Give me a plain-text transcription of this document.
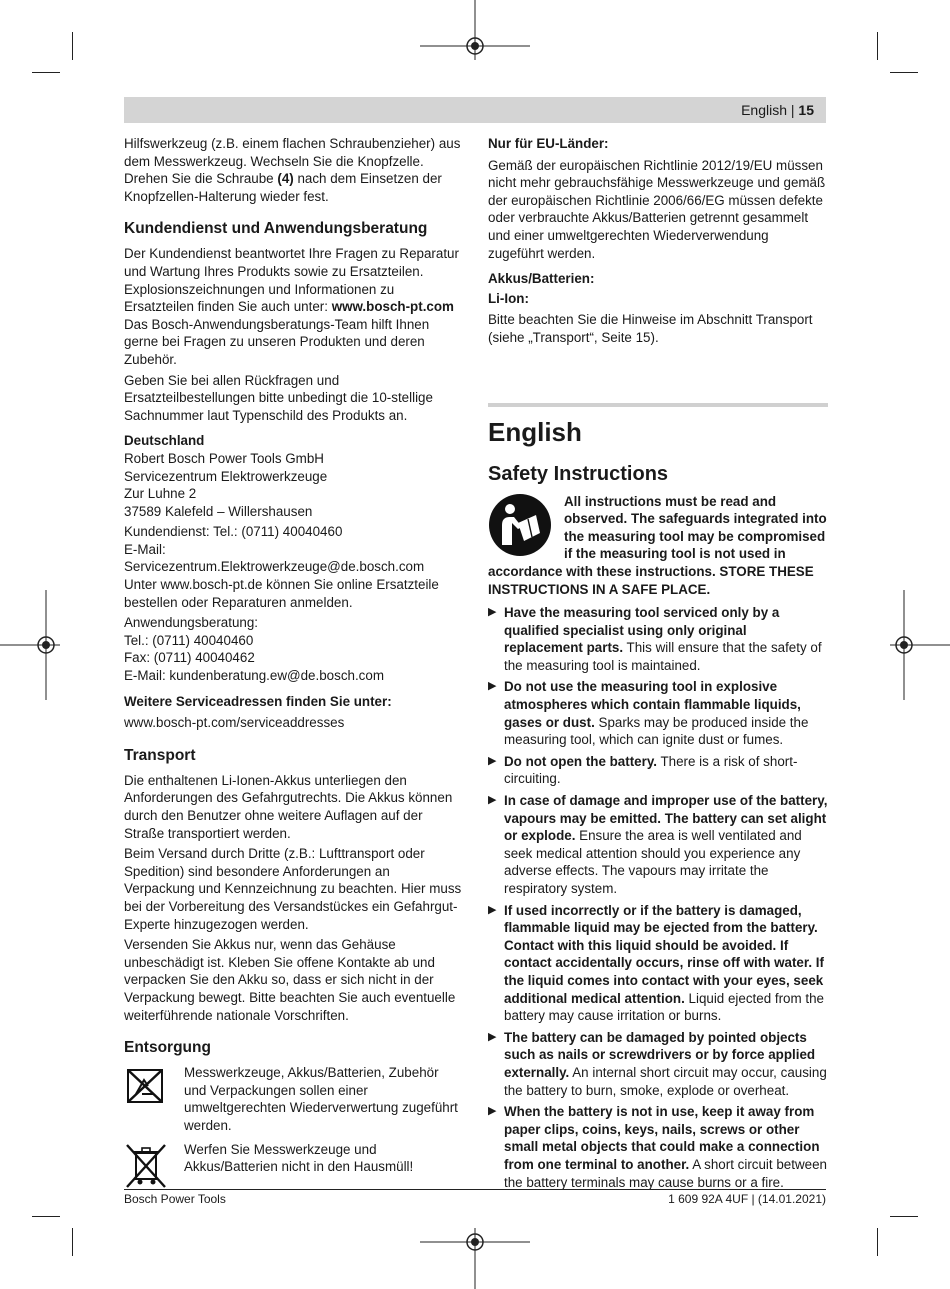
English | 15

Hilfswerkzeug (z.B. einem flachen Schraubenzieher) aus dem Messwerkzeug. Wechseln Sie die Knopfzelle. Drehen Sie die Schraube (4) nach dem Einsetzen der Knopfzellen-Halterung wieder fest.

Kundendienst und Anwendungsberatung

Der Kundendienst beantwortet Ihre Fragen zu Reparatur und Wartung Ihres Produkts sowie zu Ersatzteilen. Explosionszeichnungen und Informationen zu Ersatzteilen finden Sie auch unter: www.bosch-pt.com
Das Bosch-Anwendungsberatungs-Team hilft Ihnen gerne bei Fragen zu unseren Produkten und deren Zubehör.

Geben Sie bei allen Rückfragen und Ersatzteilbestellungen bitte unbedingt die 10-stellige Sachnummer laut Typenschild des Produkts an.

Deutschland

Robert Bosch Power Tools GmbH
Servicezentrum Elektrowerkzeuge
Zur Luhne 2
37589 Kalefeld – Willershausen

Kundendienst: Tel.: (0711) 40040460
E-Mail: Servicezentrum.Elektrowerkzeuge@de.bosch.com
Unter www.bosch-pt.de können Sie online Ersatzteile bestellen oder Reparaturen anmelden.

Anwendungsberatung:
Tel.: (0711) 40040460
Fax: (0711) 40040462
E-Mail: kundenberatung.ew@de.bosch.com

Weitere Serviceadressen finden Sie unter:

www.bosch-pt.com/serviceaddresses

Transport

Die enthaltenen Li-Ionen-Akkus unterliegen den Anforderungen des Gefahrgutrechts. Die Akkus können durch den Benutzer ohne weitere Auflagen auf der Straße transportiert werden.

Beim Versand durch Dritte (z.B.: Lufttransport oder Spedition) sind besondere Anforderungen an Verpackung und Kennzeichnung zu beachten. Hier muss bei der Vorbereitung des Versandstückes ein Gefahrgut-Experte hinzugezogen werden.

Versenden Sie Akkus nur, wenn das Gehäuse unbeschädigt ist. Kleben Sie offene Kontakte ab und verpacken Sie den Akku so, dass er sich nicht in der Verpackung bewegt. Bitte beachten Sie auch eventuelle weiterführende nationale Vorschriften.

Entsorgung
Messwerkzeuge, Akkus/Batterien, Zubehör und Verpackungen sollen einer umweltgerechten Wiederverwertung zugeführt werden.
Werfen Sie Messwerkzeuge und Akkus/Batterien nicht in den Hausmüll!

Nur für EU-Länder:

Gemäß der europäischen Richtlinie 2012/19/EU müssen nicht mehr gebrauchsfähige Messwerkzeuge und gemäß der europäischen Richtlinie 2006/66/EG müssen defekte oder verbrauchte Akkus/Batterien getrennt gesammelt und einer umweltgerechten Wiederverwendung zugeführt werden.

Akkus/Batterien:

Li-Ion:

Bitte beachten Sie die Hinweise im Abschnitt Transport (siehe „Transport“, Seite 15).

English
Safety Instructions
All instructions must be read and observed. The safeguards integrated into the measuring tool may be compromised if the measuring tool is not used in accordance with these instructions. STORE THESE INSTRUCTIONS IN A SAFE PLACE.
▶ Have the measuring tool serviced only by a qualified specialist using only original replacement parts. This will ensure that the safety of the measuring tool is maintained.
▶ Do not use the measuring tool in explosive atmospheres which contain flammable liquids, gases or dust. Sparks may be produced inside the measuring tool, which can ignite dust or fumes.
▶ Do not open the battery. There is a risk of short-circuiting.
▶ In case of damage and improper use of the battery, vapours may be emitted. The battery can set alight or explode. Ensure the area is well ventilated and seek medical attention should you experience any adverse effects. The vapours may irritate the respiratory system.
▶ If used incorrectly or if the battery is damaged, flammable liquid may be ejected from the battery. Contact with this liquid should be avoided. If contact accidentally occurs, rinse off with water. If the liquid comes into contact with your eyes, seek additional medical attention. Liquid ejected from the battery may cause irritation or burns.
▶ The battery can be damaged by pointed objects such as nails or screwdrivers or by force applied externally. An internal short circuit may occur, causing the battery to burn, smoke, explode or overheat.
▶ When the battery is not in use, keep it away from paper clips, coins, keys, nails, screws or other small metal objects that could make a connection from one terminal to another. A short circuit between the battery terminals may cause burns or a fire.
Bosch Power Tools	1 609 92A 4UF | (14.01.2021)
